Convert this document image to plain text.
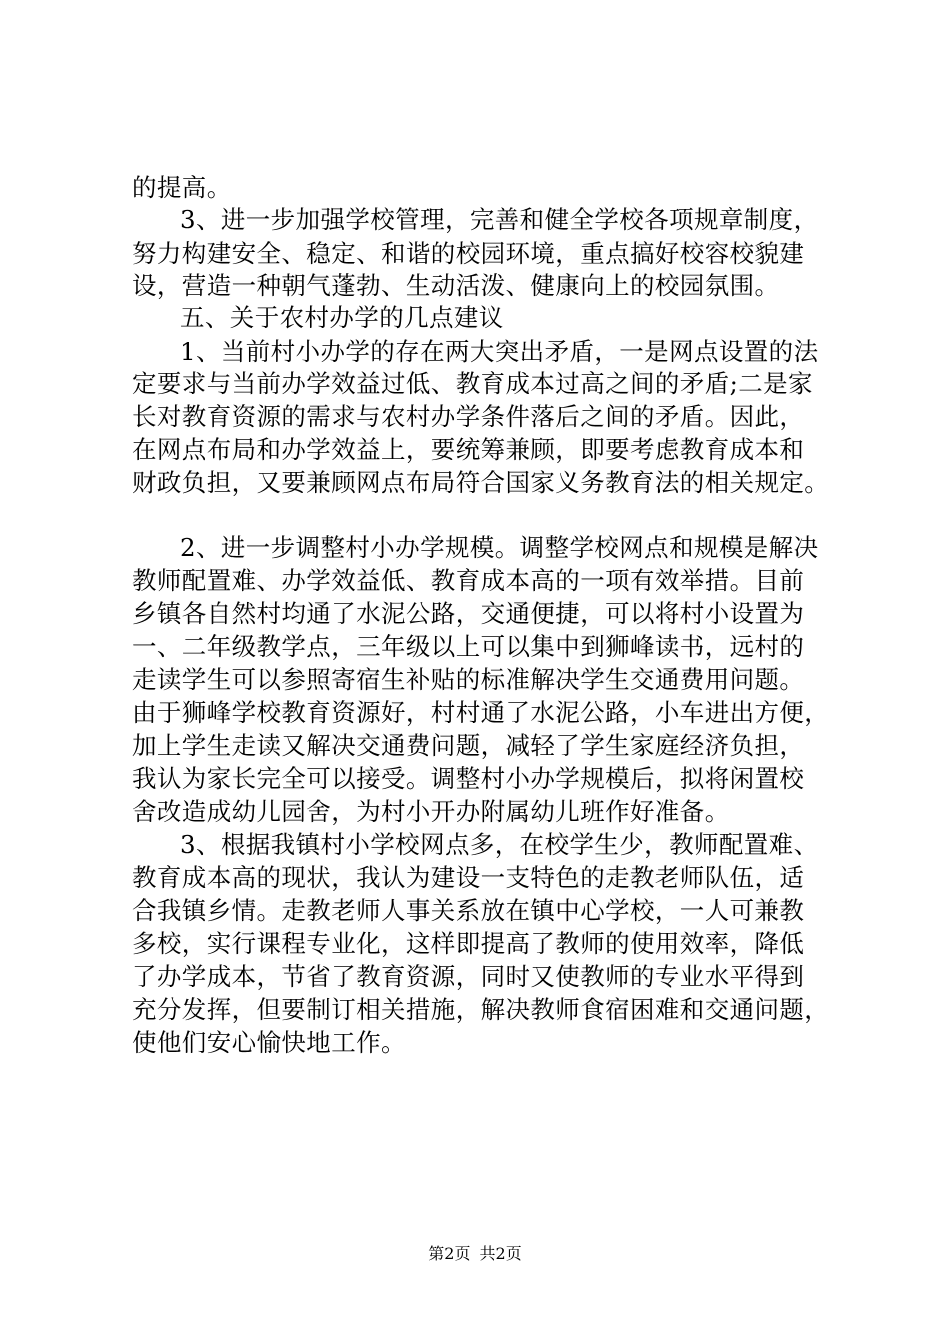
的提高。
3、进一步加强学校管理，完善和健全学校各项规章制度，
努力构建安全、稳定、和谐的校园环境，重点搞好校容校貌建
设，营造一种朝气蓬勃、生动活泼、健康向上的校园氛围。
五、关于农村办学的几点建议
1、当前村小办学的存在两大突出矛盾，一是网点设置的法
定要求与当前办学效益过低、教育成本过高之间的矛盾;二是家
长对教育资源的需求与农村办学条件落后之间的矛盾。因此，
在网点布局和办学效益上，要统筹兼顾，即要考虑教育成本和
财政负担，又要兼顾网点布局符合国家义务教育法的相关规定。
2、进一步调整村小办学规模。调整学校网点和规模是解决
教师配置难、办学效益低、教育成本高的一项有效举措。目前
乡镇各自然村均通了水泥公路，交通便捷，可以将村小设置为
一、二年级教学点，三年级以上可以集中到狮峰读书，远村的
走读学生可以参照寄宿生补贴的标准解决学生交通费用问题。
由于狮峰学校教育资源好，村村通了水泥公路，小车进出方便，
加上学生走读又解决交通费问题，减轻了学生家庭经济负担，
我认为家长完全可以接受。调整村小办学规模后，拟将闲置校
舍改造成幼儿园舍，为村小开办附属幼儿班作好准备。
3、根据我镇村小学校网点多，在校学生少，教师配置难、
教育成本高的现状，我认为建设一支特色的走教老师队伍，适
合我镇乡情。走教老师人事关系放在镇中心学校，一人可兼教
多校，实行课程专业化，这样即提高了教师的使用效率，降低
了办学成本，节省了教育资源，同时又使教师的专业水平得到
充分发挥，但要制订相关措施，解决教师食宿困难和交通问题，
使他们安心愉快地工作。
第2页 共2页
